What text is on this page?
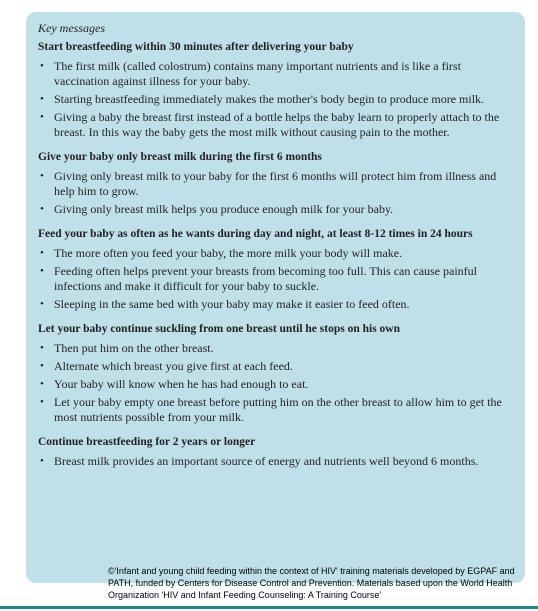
Key messages
Start breastfeeding within 30 minutes after delivering your baby
• The first milk (called colostrum) contains many important nutrients and is like a first vaccination against illness for your baby.
• Starting breastfeeding immediately makes the mother's body begin to produce more milk.
• Giving a baby the breast first instead of a bottle helps the baby learn to properly attach to the breast. In this way the baby gets the most milk without causing pain to the mother.
Give your baby only breast milk during the first 6 months
• Giving only breast milk to your baby for the first 6 months will protect him from illness and help him to grow.
• Giving only breast milk helps you produce enough milk for your baby.
Feed your baby as often as he wants during day and night, at least 8-12 times in 24 hours
• The more often you feed your baby, the more milk your body will make.
• Feeding often helps prevent your breasts from becoming too full. This can cause painful infections and make it difficult for your baby to suckle.
• Sleeping in the same bed with your baby may make it easier to feed often.
Let your baby continue suckling from one breast until he stops on his own
• Then put him on the other breast.
• Alternate which breast you give first at each feed.
• Your baby will know when he has had enough to eat.
• Let your baby empty one breast before putting him on the other breast to allow him to get the most nutrients possible from your milk.
Continue breastfeeding for 2 years or longer
• Breast milk provides an important source of energy and nutrients well beyond 6 months.
©'Infant and young child feeding within the context of HIV' training materials developed by EGPAF and PATH, funded by Centers for Disease Control and Prevention. Materials based upon the World Health Organization 'HIV and Infant Feeding Counseling: A Training Course'
